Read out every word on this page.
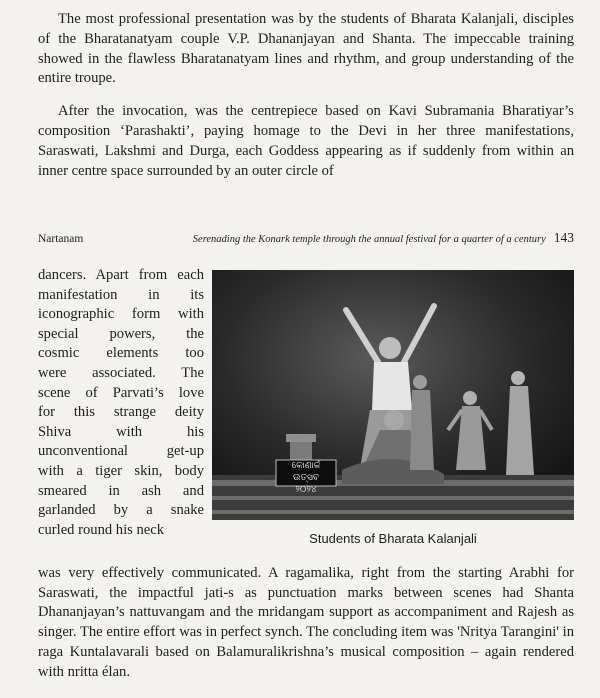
The most professional presentation was by the students of Bharata Kalanjali, disciples of the Bharatanatyam couple V.P. Dhananjayan and Shanta. The impeccable training showed in the flawless Bharatanatyam lines and rhythm, and group understanding of the entire troupe.

After the invocation, was the centrepiece based on Kavi Subramania Bharatiyar’s composition ‘Parashakti’, paying homage to the Devi in her three manifestations, Saraswati, Lakshmi and Durga, each Goddess appearing as if suddenly from within an inner centre space surrounded by an outer circle of

Nartanam	Serenading the Konark temple through the annual festival for a quarter of a century 143
dancers. Apart from each
manifestation in its
iconographic form with
special powers, the
cosmic elements too
were associated. The
scene of Parvati’s love
for this strange deity
Shiva with his
unconventional get-up
with a tiger skin, body
smeared in ash and
garlanded by a snake
curled round his neck
କୋଣାର୍କ ଉତ୍ସବ
୨୦୨୪
Students of Bharata Kalanjali

was very effectively communicated. A ragamalika, right from the starting Arabhi for Saraswati, the impactful jati-s as punctuation marks between scenes had Shanta Dhananjayan’s nattuvangam and the mridangam support as accompaniment and Rajesh as singer. The entire effort was in perfect synch. The concluding item was 'Nritya Tarangini' in raga Kuntalavarali based on Balamuralikrishna’s musical composition – again rendered with nritta élan.
